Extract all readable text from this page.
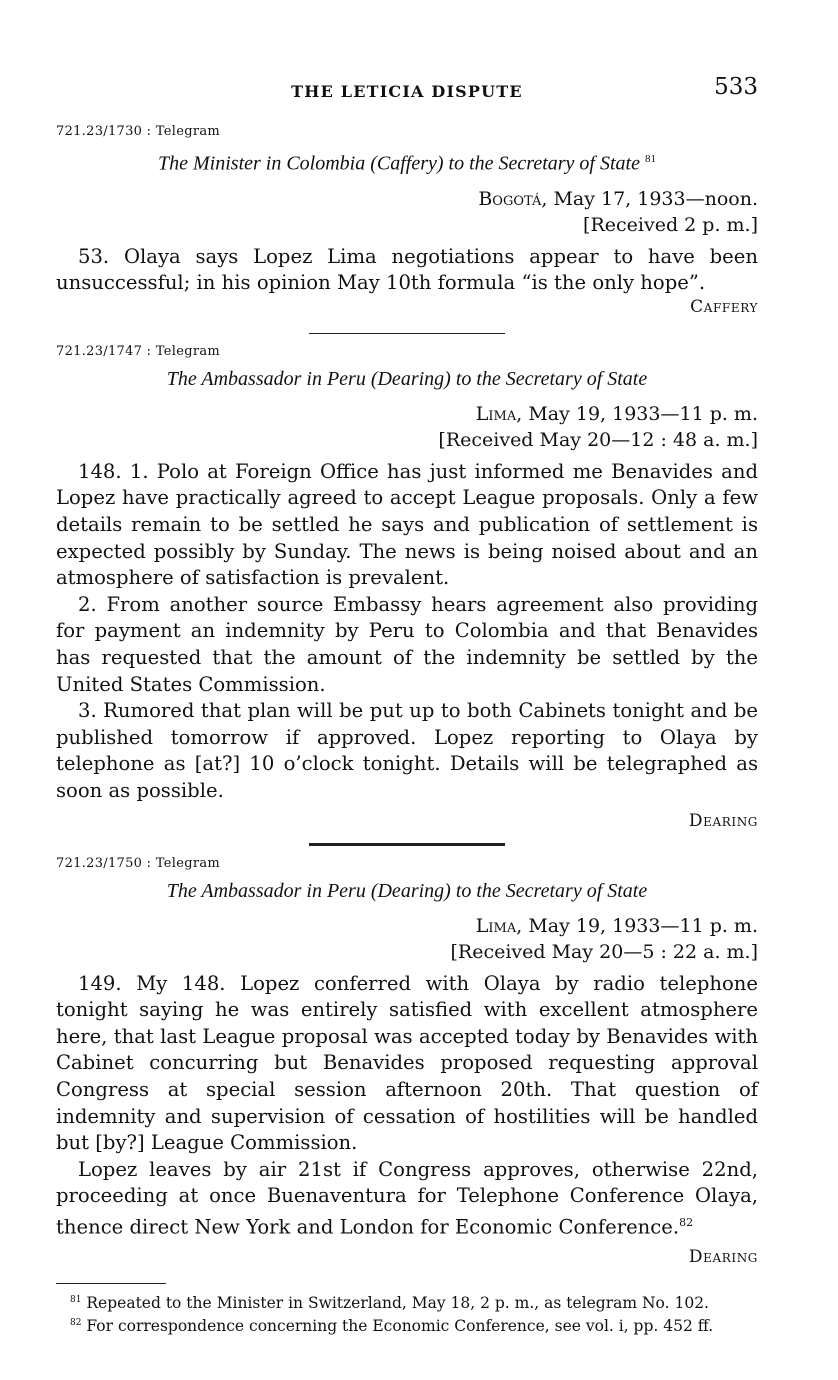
THE LETICIA DISPUTE	533
721.23/1730 : Telegram
The Minister in Colombia (Caffery) to the Secretary of State $^{81}$
Bogotá, May 17, 1933—noon.
[Received 2 p. m.]

53. Olaya says Lopez Lima negotiations appear to have been unsuccessful; in his opinion May 10th formula “is the only hope”.

Caffery
721.23/1747 : Telegram
The Ambassador in Peru (Dearing) to the Secretary of State
Lima, May 19, 1933—11 p. m.
[Received May 20—12 : 48 a. m.]

148. 1. Polo at Foreign Office has just informed me Benavides and Lopez have practically agreed to accept League proposals. Only a few details remain to be settled he says and publication of settlement is expected possibly by Sunday. The news is being noised about and an atmosphere of satisfaction is prevalent.

2. From another source Embassy hears agreement also providing for payment an indemnity by Peru to Colombia and that Benavides has requested that the amount of the indemnity be settled by the United States Commission.

3. Rumored that plan will be put up to both Cabinets tonight and be published tomorrow if approved. Lopez reporting to Olaya by telephone as [at?] 10 o’clock tonight. Details will be telegraphed as soon as possible.

Dearing
721.23/1750 : Telegram
The Ambassador in Peru (Dearing) to the Secretary of State
Lima, May 19, 1933—11 p. m.
[Received May 20—5 : 22 a. m.]

149. My 148. Lopez conferred with Olaya by radio telephone tonight saying he was entirely satisfied with excellent atmosphere here, that last League proposal was accepted today by Benavides with Cabinet concurring but Benavides proposed requesting approval Congress at special session afternoon 20th. That question of indemnity and supervision of cessation of hostilities will be handled but [by?] League Commission.

Lopez leaves by air 21st if Congress approves, otherwise 22nd, proceeding at once Buenaventura for Telephone Conference Olaya, thence direct New York and London for Economic Conference.$^{82}$

Dearing

$^{81}$ Repeated to the Minister in Switzerland, May 18, 2 p. m., as telegram No. 102.

$^{82}$ For correspondence concerning the Economic Conference, see vol. i, pp. 452 ff.
